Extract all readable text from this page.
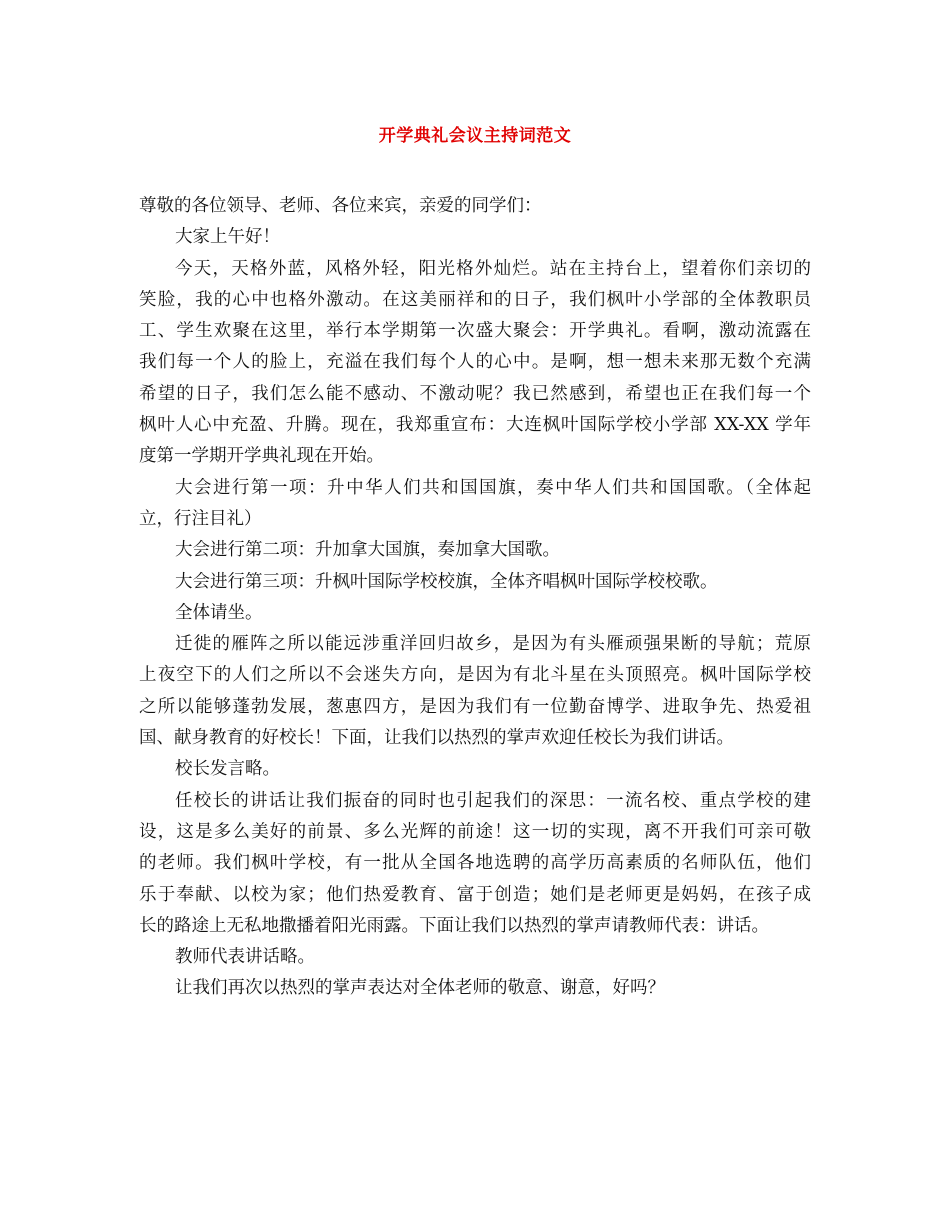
开学典礼会议主持词范文
尊敬的各位领导、老师、各位来宾，亲爱的同学们：
大家上午好！
今天，天格外蓝，风格外轻，阳光格外灿烂。站在主持台上，望着你们亲切的
笑脸，我的心中也格外激动。在这美丽祥和的日子，我们枫叶小学部的全体教职员
工、学生欢聚在这里，举行本学期第一次盛大聚会：开学典礼。看啊，激动流露在
我们每一个人的脸上，充溢在我们每个人的心中。是啊，想一想未来那无数个充满
希望的日子，我们怎么能不感动、不激动呢？我已然感到，希望也正在我们每一个
枫叶人心中充盈、升腾。现在，我郑重宣布：大连枫叶国际学校小学部 XX-XX 学年
度第一学期开学典礼现在开始。
大会进行第一项：升中华人们共和国国旗，奏中华人们共和国国歌。（全体起
立，行注目礼）
大会进行第二项：升加拿大国旗，奏加拿大国歌。
大会进行第三项：升枫叶国际学校校旗，全体齐唱枫叶国际学校校歌。
全体请坐。
迁徙的雁阵之所以能远涉重洋回归故乡，是因为有头雁顽强果断的导航；荒原
上夜空下的人们之所以不会迷失方向，是因为有北斗星在头顶照亮。枫叶国际学校
之所以能够蓬勃发展，葱惠四方，是因为我们有一位勤奋博学、进取争先、热爱祖
国、献身教育的好校长！下面，让我们以热烈的掌声欢迎任校长为我们讲话。
校长发言略。
任校长的讲话让我们振奋的同时也引起我们的深思：一流名校、重点学校的建
设，这是多么美好的前景、多么光辉的前途！这一切的实现，离不开我们可亲可敬
的老师。我们枫叶学校，有一批从全国各地选聘的高学历高素质的名师队伍，他们
乐于奉献、以校为家；他们热爱教育、富于创造；她们是老师更是妈妈，在孩子成
长的路途上无私地撒播着阳光雨露。下面让我们以热烈的掌声请教师代表：讲话。
教师代表讲话略。
让我们再次以热烈的掌声表达对全体老师的敬意、谢意，好吗？
